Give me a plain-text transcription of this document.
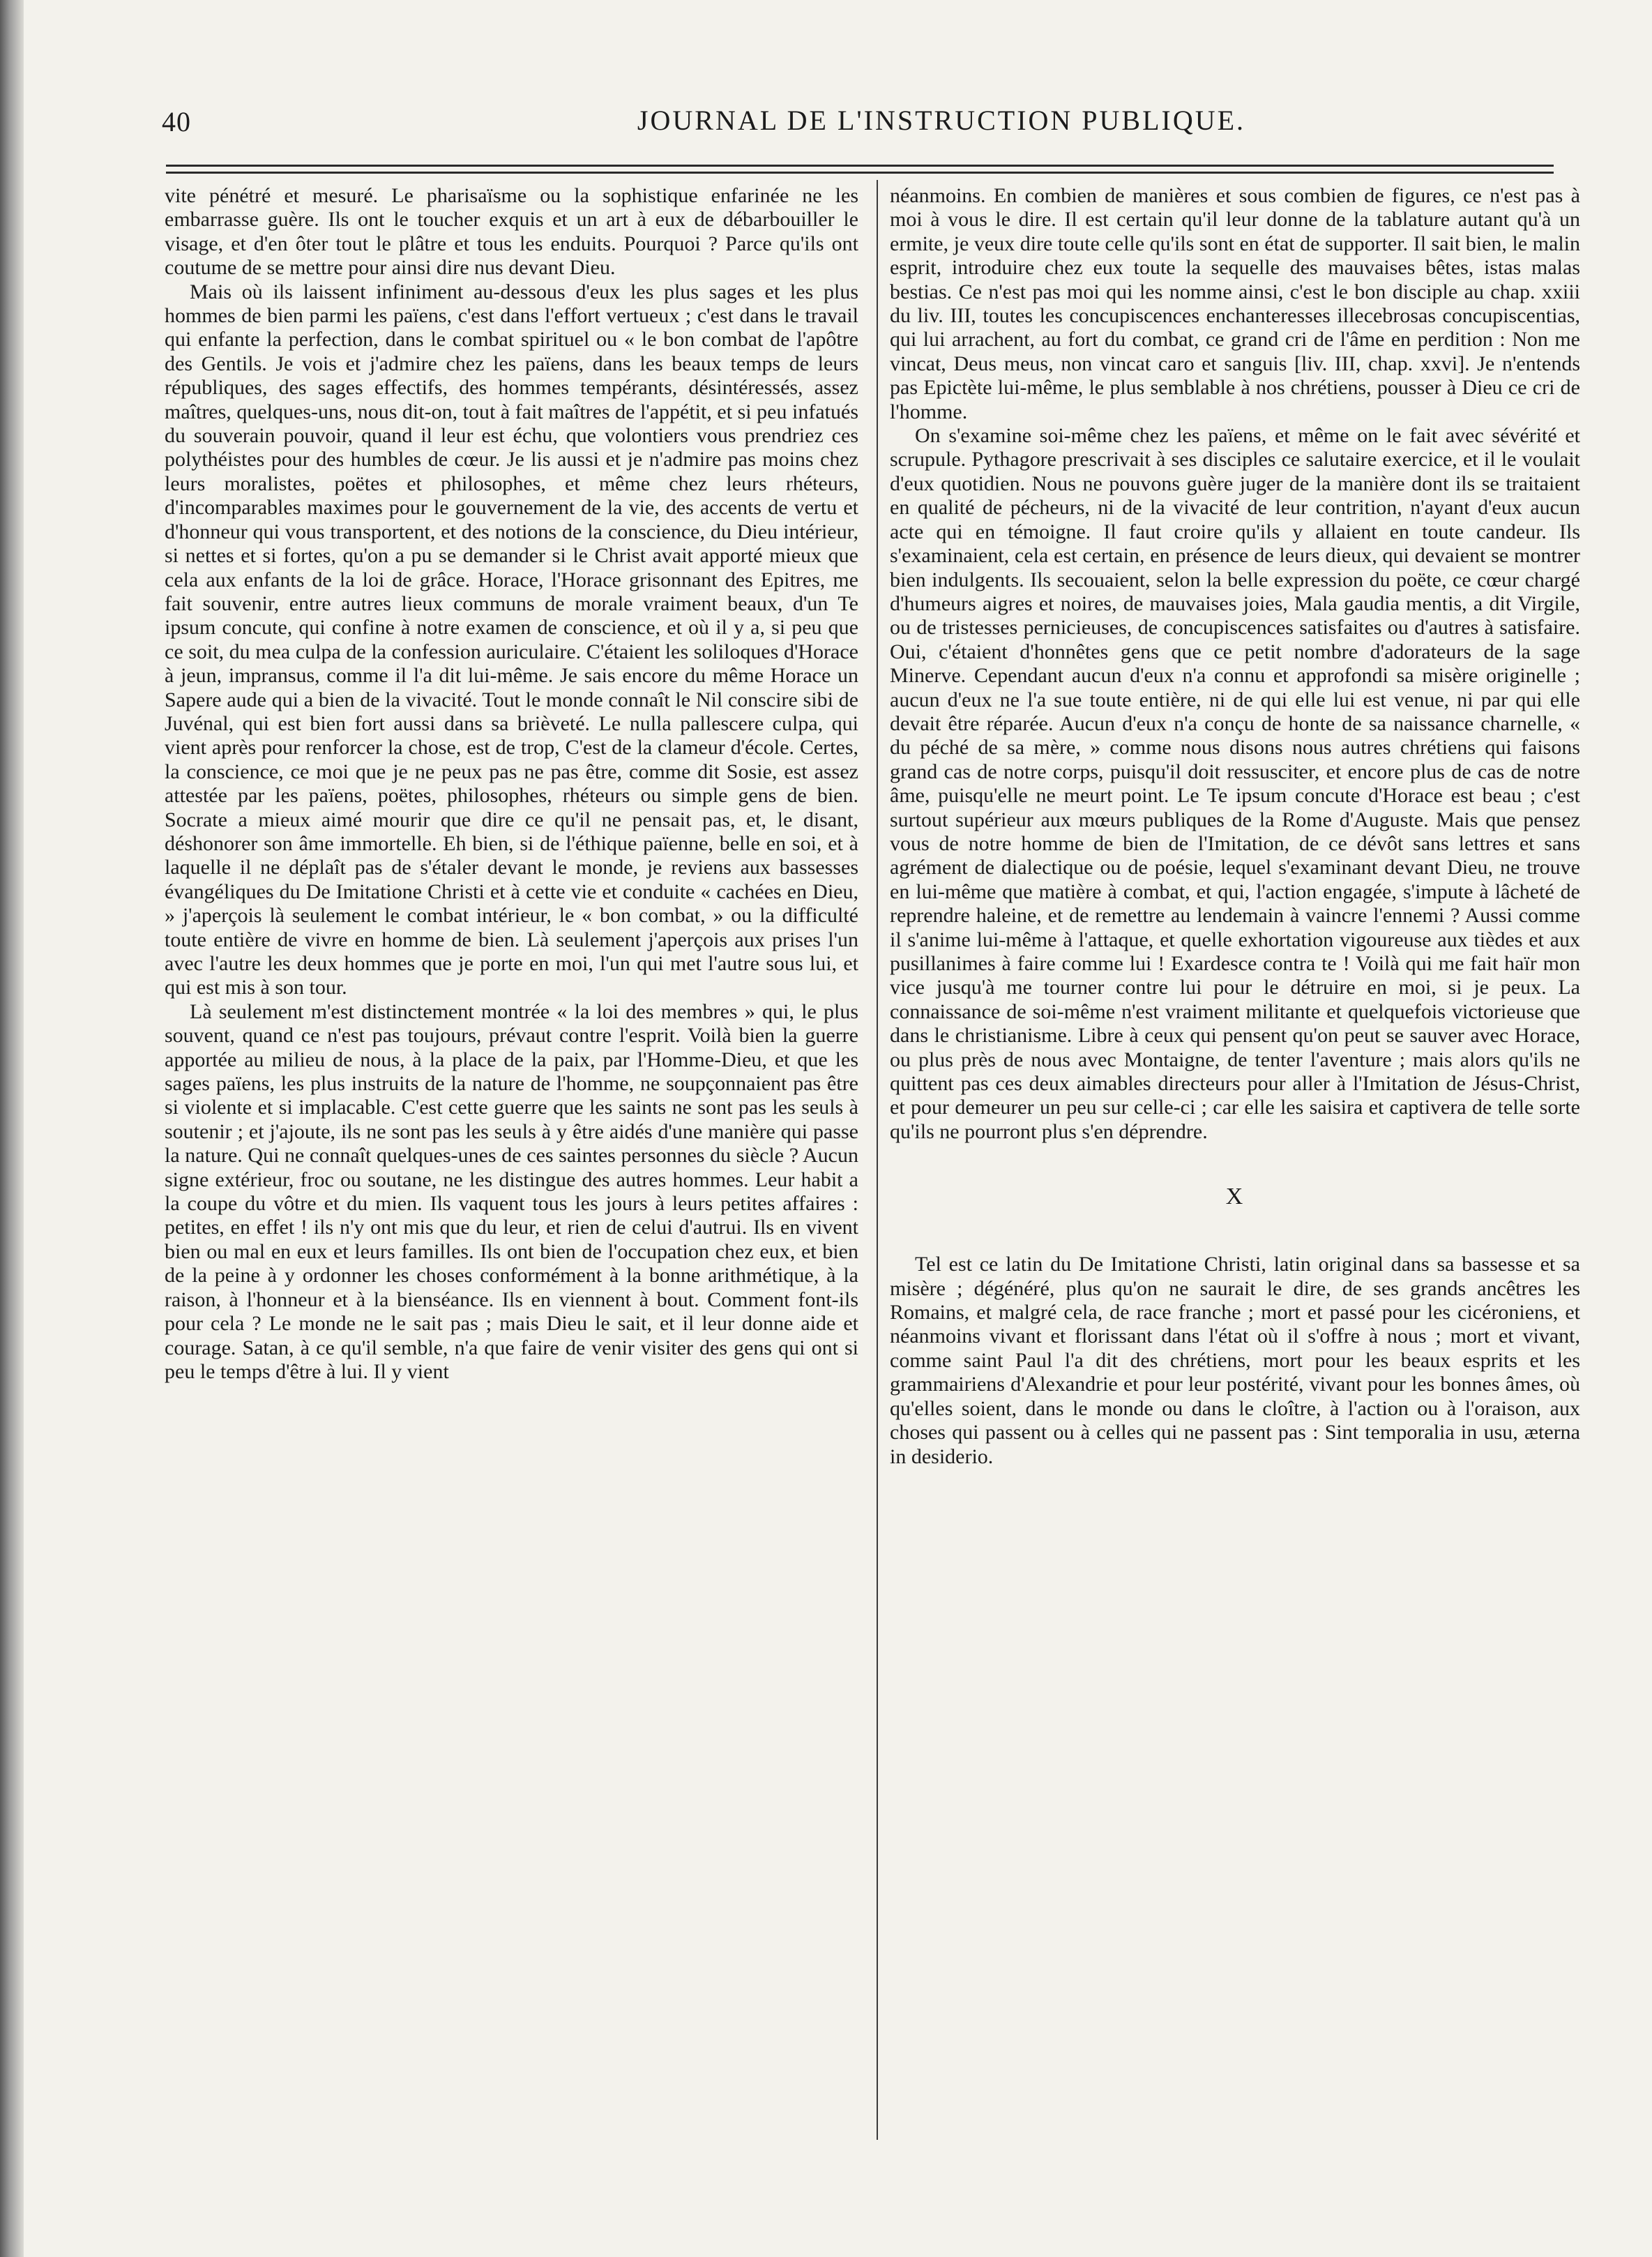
40	JOURNAL DE L'INSTRUCTION PUBLIQUE.

vite pénétré et mesuré. Le pharisaïsme ou la sophistique enfarinée ne les embarrasse guère. Ils ont le toucher exquis et un art à eux de débarbouiller le visage, et d'en ôter tout le plâtre et tous les enduits. Pourquoi ? Parce qu'ils ont coutume de se mettre pour ainsi dire nus devant Dieu.

Mais où ils laissent infiniment au-dessous d'eux les plus sages et les plus hommes de bien parmi les païens, c'est dans l'effort vertueux ; c'est dans le travail qui enfante la perfection, dans le combat spirituel ou « le bon combat de l'apôtre des Gentils. Je vois et j'admire chez les païens, dans les beaux temps de leurs républiques, des sages effectifs, des hommes tempérants, désintéressés, assez maîtres, quelques-uns, nous dit-on, tout à fait maîtres de l'appétit, et si peu infatués du souverain pouvoir, quand il leur est échu, que volontiers vous prendriez ces polythéistes pour des humbles de cœur. Je lis aussi et je n'admire pas moins chez leurs moralistes, poëtes et philosophes, et même chez leurs rhéteurs, d'incomparables maximes pour le gouvernement de la vie, des accents de vertu et d'honneur qui vous transportent, et des notions de la conscience, du Dieu intérieur, si nettes et si fortes, qu'on a pu se demander si le Christ avait apporté mieux que cela aux enfants de la loi de grâce. Horace, l'Horace grisonnant des Epitres, me fait souvenir, entre autres lieux communs de morale vraiment beaux, d'un Te ipsum concute, qui confine à notre examen de conscience, et où il y a, si peu que ce soit, du mea culpa de la confession auriculaire. C'étaient les soliloques d'Horace à jeun, impransus, comme il l'a dit lui-même. Je sais encore du même Horace un Sapere aude qui a bien de la vivacité. Tout le monde connaît le Nil conscire sibi de Juvénal, qui est bien fort aussi dans sa brièveté. Le nulla pallescere culpa, qui vient après pour renforcer la chose, est de trop, C'est de la clameur d'école. Certes, la conscience, ce moi que je ne peux pas ne pas être, comme dit Sosie, est assez attestée par les païens, poëtes, philosophes, rhéteurs ou simple gens de bien. Socrate a mieux aimé mourir que dire ce qu'il ne pensait pas, et, le disant, déshonorer son âme immortelle. Eh bien, si de l'éthique païenne, belle en soi, et à laquelle il ne déplaît pas de s'étaler devant le monde, je reviens aux bassesses évangéliques du De Imitatione Christi et à cette vie et conduite « cachées en Dieu, » j'aperçois là seulement le combat intérieur, le « bon combat, » ou la difficulté toute entière de vivre en homme de bien. Là seulement j'aperçois aux prises l'un avec l'autre les deux hommes que je porte en moi, l'un qui met l'autre sous lui, et qui est mis à son tour.

Là seulement m'est distinctement montrée « la loi des membres » qui, le plus souvent, quand ce n'est pas toujours, prévaut contre l'esprit. Voilà bien la guerre apportée au milieu de nous, à la place de la paix, par l'Homme-Dieu, et que les sages païens, les plus instruits de la nature de l'homme, ne soupçonnaient pas être si violente et si implacable. C'est cette guerre que les saints ne sont pas les seuls à soutenir ; et j'ajoute, ils ne sont pas les seuls à y être aidés d'une manière qui passe la nature. Qui ne connaît quelques-unes de ces saintes personnes du siècle ? Aucun signe extérieur, froc ou soutane, ne les distingue des autres hommes. Leur habit a la coupe du vôtre et du mien. Ils vaquent tous les jours à leurs petites affaires : petites, en effet ! ils n'y ont mis que du leur, et rien de celui d'autrui. Ils en vivent bien ou mal en eux et leurs familles. Ils ont bien de l'occupation chez eux, et bien de la peine à y ordonner les choses conformément à la bonne arithmétique, à la raison, à l'honneur et à la bienséance. Ils en viennent à bout. Comment font-ils pour cela ? Le monde ne le sait pas ; mais Dieu le sait, et il leur donne aide et courage. Satan, à ce qu'il semble, n'a que faire de venir visiter des gens qui ont si peu le temps d'être à lui. Il y vient

néanmoins. En combien de manières et sous combien de figures, ce n'est pas à moi à vous le dire. Il est certain qu'il leur donne de la tablature autant qu'à un ermite, je veux dire toute celle qu'ils sont en état de supporter. Il sait bien, le malin esprit, introduire chez eux toute la sequelle des mauvaises bêtes, istas malas bestias. Ce n'est pas moi qui les nomme ainsi, c'est le bon disciple au chap. xxiii du liv. III, toutes les concupiscences enchanteresses illecebrosas concupiscentias, qui lui arrachent, au fort du combat, ce grand cri de l'âme en perdition : Non me vincat, Deus meus, non vincat caro et sanguis [liv. III, chap. xxvi]. Je n'entends pas Epictète lui-même, le plus semblable à nos chrétiens, pousser à Dieu ce cri de l'homme.

On s'examine soi-même chez les païens, et même on le fait avec sévérité et scrupule. Pythagore prescrivait à ses disciples ce salutaire exercice, et il le voulait d'eux quotidien. Nous ne pouvons guère juger de la manière dont ils se traitaient en qualité de pécheurs, ni de la vivacité de leur contrition, n'ayant d'eux aucun acte qui en témoigne. Il faut croire qu'ils y allaient en toute candeur. Ils s'examinaient, cela est certain, en présence de leurs dieux, qui devaient se montrer bien indulgents. Ils secouaient, selon la belle expression du poëte, ce cœur chargé d'humeurs aigres et noires, de mauvaises joies, Mala gaudia mentis, a dit Virgile, ou de tristesses pernicieuses, de concupiscences satisfaites ou d'autres à satisfaire. Oui, c'étaient d'honnêtes gens que ce petit nombre d'adorateurs de la sage Minerve. Cependant aucun d'eux n'a connu et approfondi sa misère originelle ; aucun d'eux ne l'a sue toute entière, ni de qui elle lui est venue, ni par qui elle devait être réparée. Aucun d'eux n'a conçu de honte de sa naissance charnelle, « du péché de sa mère, » comme nous disons nous autres chrétiens qui faisons grand cas de notre corps, puisqu'il doit ressusciter, et encore plus de cas de notre âme, puisqu'elle ne meurt point. Le Te ipsum concute d'Horace est beau ; c'est surtout supérieur aux mœurs publiques de la Rome d'Auguste. Mais que pensez vous de notre homme de bien de l'Imitation, de ce dévôt sans lettres et sans agrément de dialectique ou de poésie, lequel s'examinant devant Dieu, ne trouve en lui-même que matière à combat, et qui, l'action engagée, s'impute à lâcheté de reprendre haleine, et de remettre au lendemain à vaincre l'ennemi ? Aussi comme il s'anime lui-même à l'attaque, et quelle exhortation vigoureuse aux tièdes et aux pusillanimes à faire comme lui ! Exardesce contra te ! Voilà qui me fait haïr mon vice jusqu'à me tourner contre lui pour le détruire en moi, si je peux. La connaissance de soi-même n'est vraiment militante et quelquefois victorieuse que dans le christianisme. Libre à ceux qui pensent qu'on peut se sauver avec Horace, ou plus près de nous avec Montaigne, de tenter l'aventure ; mais alors qu'ils ne quittent pas ces deux aimables directeurs pour aller à l'Imitation de Jésus-Christ, et pour demeurer un peu sur celle-ci ; car elle les saisira et captivera de telle sorte qu'ils ne pourront plus s'en déprendre.

X

Tel est ce latin du De Imitatione Christi, latin original dans sa bassesse et sa misère ; dégénéré, plus qu'on ne saurait le dire, de ses grands ancêtres les Romains, et malgré cela, de race franche ; mort et passé pour les cicéroniens, et néanmoins vivant et florissant dans l'état où il s'offre à nous ; mort et vivant, comme saint Paul l'a dit des chrétiens, mort pour les beaux esprits et les grammairiens d'Alexandrie et pour leur postérité, vivant pour les bonnes âmes, où qu'elles soient, dans le monde ou dans le cloître, à l'action ou à l'oraison, aux choses qui passent ou à celles qui ne passent pas : Sint temporalia in usu, æterna in desiderio.
